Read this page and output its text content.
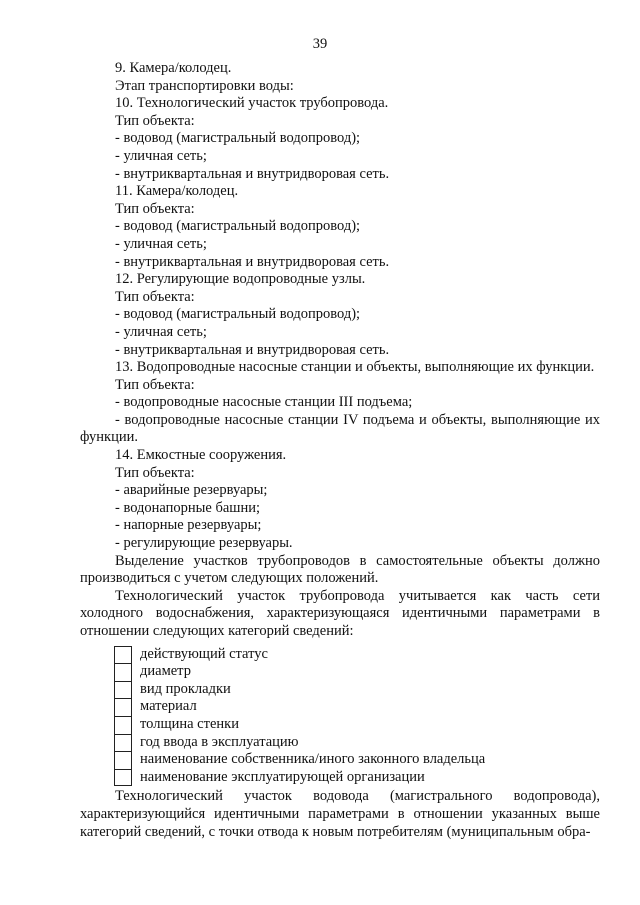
39

9. Камера/колодец.

Этап транспортировки воды:

10. Технологический участок трубопровода.

Тип объекта:

- водовод (магистральный водопровод);

- уличная сеть;

- внутриквартальная и внутридворовая сеть.

11. Камера/колодец.

Тип объекта:

- водовод (магистральный водопровод);

- уличная сеть;

- внутриквартальная и внутридворовая сеть.

12. Регулирующие водопроводные узлы.

Тип объекта:

- водовод (магистральный водопровод);

- уличная сеть;

- внутриквартальная и внутридворовая сеть.

13. Водопроводные насосные станции и объекты, выполняющие их функции.

Тип объекта:

- водопроводные насосные станции III подъема;

- водопроводные насосные станции IV подъема и объекты, выполняющие их функции.

14. Емкостные сооружения.

Тип объекта:

- аварийные резервуары;

- водонапорные башни;

- напорные резервуары;

- регулирующие резервуары.

Выделение участков трубопроводов в самостоятельные объекты должно производиться с учетом следующих положений.

Технологический участок трубопровода учитывается как часть сети холодного водоснабжения, характеризующаяся идентичными параметрами в отношении следующих категорий сведений:

действующий статус
диаметр
вид прокладки
материал
толщина стенки
год ввода в эксплуатацию
наименование собственника/иного законного владельца
наименование эксплуатирующей организации

Технологический участок водовода (магистрального водопровода), характеризующийся идентичными параметрами в отношении указанных выше категорий сведений, с точки отвода к новым потребителям (муниципальным обра-
